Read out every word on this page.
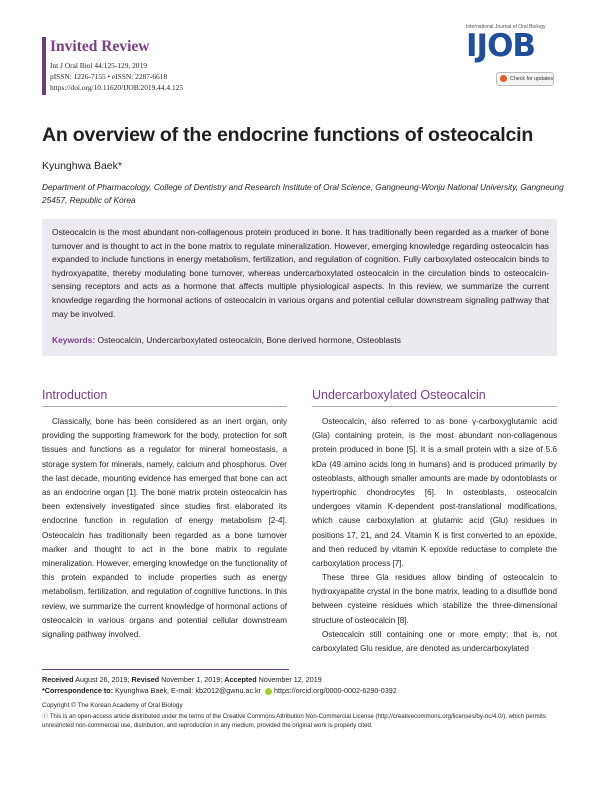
Invited Review
Int J Oral Biol 44:125-129, 2019
pISSN: 1226-7155 • eISSN: 2287-6618
https://doi.org/10.11620/IJOB.2019.44.4.125
International Journal of Oral Biology
IJOB
Check for updates
An overview of the endocrine functions of osteocalcin
Kyunghwa Baek*
Department of Pharmacology, College of Dentistry and Research Institute of Oral Science, Gangneung-Wonju National University, Gangneung 25457, Republic of Korea
Osteocalcin is the most abundant non-collagenous protein produced in bone. It has traditionally been regarded as a marker of bone turnover and is thought to act in the bone matrix to regulate mineralization. However, emerging knowledge regarding osteocalcin has expanded to include functions in energy metabolism, fertilization, and regulation of cognition. Fully carboxylated osteocalcin binds to hydroxyapatite, thereby modulating bone turnover, whereas undercarboxylated osteocalcin in the circulation binds to osteocalcin-sensing receptors and acts as a hormone that affects multiple physiological aspects. In this review, we summarize the current knowledge regarding the hormonal actions of osteocalcin in various organs and potential cellular downstream signaling pathway that may be involved.
Keywords: Osteocalcin, Undercarboxylated osteocalcin, Bone derived hormone, Osteoblasts
Introduction
Classically, bone has been considered as an inert organ, only providing the supporting framework for the body, protection for soft tissues and functions as a regulator for mineral homeostasis, a storage system for minerals, namely, calcium and phosphorus. Over the last decade, mounting evidence has emerged that bone can act as an endocrine organ [1]. The bone matrix protein osteocalcin has been extensively investigated since studies first elaborated its endocrine function in regulation of energy metabolism [2-4]. Osteocalcin has traditionally been regarded as a bone turnover marker and thought to act in the bone matrix to regulate mineralization. However, emerging knowledge on the functionality of this protein expanded to include properties such as energy metabolism, fertilization, and regulation of cognitive functions. In this review, we summarize the current knowledge of hormonal actions of osteocalcin in various organs and potential cellular downstream signaling pathway involved.
Undercarboxylated Osteocalcin
Osteocalcin, also referred to as bone γ-carboxyglutamic acid (Gla) containing protein, is the most abundant non-collagenous protein produced in bone [5]. It is a small protein with a size of 5.6 kDa (49 amino acids long in humans) and is produced primarily by osteoblasts, although smaller amounts are made by odontoblasts or hypertrophic chondrocytes [6]. In osteoblasts, osteocalcin undergoes vitamin K-dependent post-translational modifications, which cause carboxylation at glutamic acid (Glu) residues in positions 17, 21, and 24. Vitamin K is first converted to an epoxide, and then reduced by vitamin K epoxide reductase to complete the carboxylation process [7].
These three Gla residues allow binding of osteocalcin to hydroxyapatite crystal in the bone matrix, leading to a disulfide bond between cysteine residues which stabilize the three-dimensional structure of osteocalcin [8].
Osteocalcin still containing one or more empty; that is, not carboxylated Glu residue, are denoted as undercarboxylated
Received August 26, 2019; Revised November 1, 2019; Accepted November 12, 2019
*Correspondence to: Kyunghwa Baek, E-mail: kb2012@gwnu.ac.kr https://orcid.org/0000-0002-6290-0392
Copyright © The Korean Academy of Oral Biology
ⓒ This is an open-access article distributed under the terms of the Creative Commons Attribution Non-Commercial License (http://creativecommons.org/licenses/by-nc/4.0/), which permits unrestricted non-commercial use, distribution, and reproduction in any medium, provided the original work is properly cited.
